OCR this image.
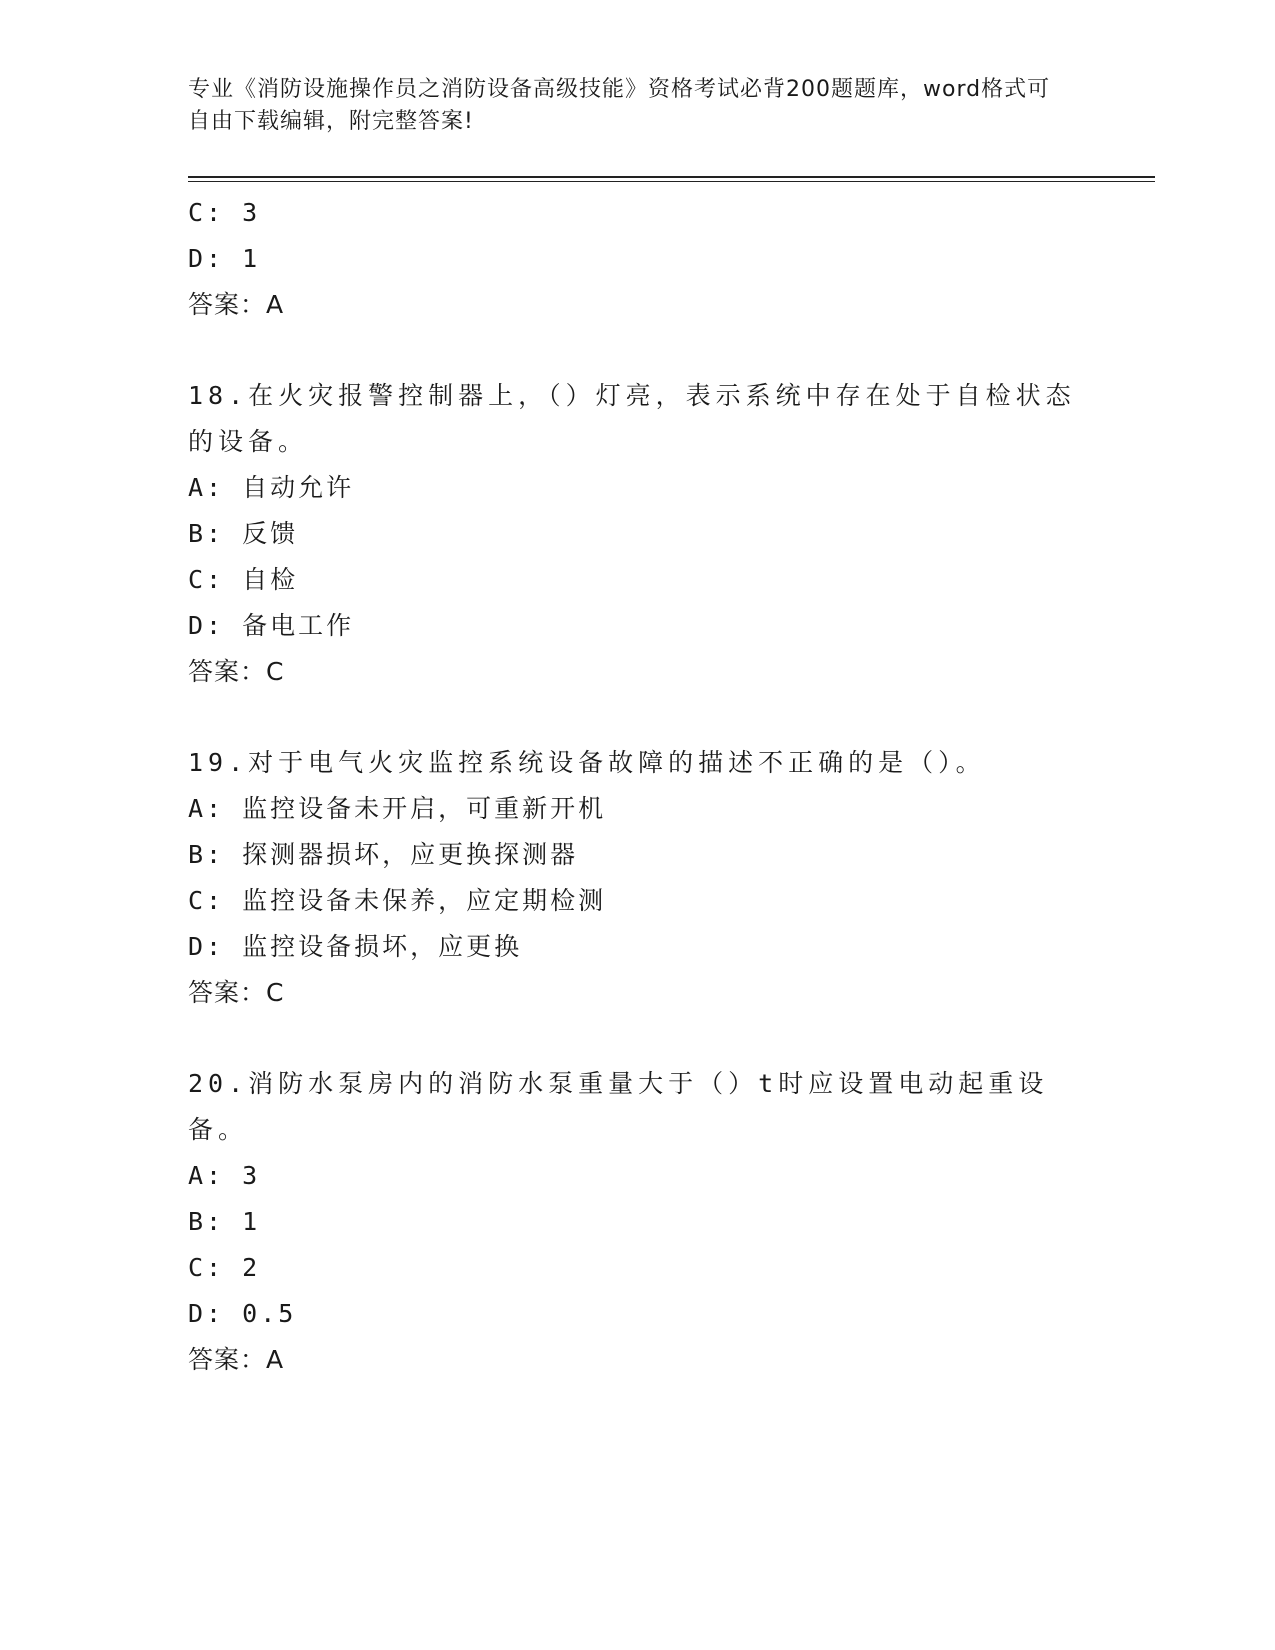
专业《消防设施操作员之消防设备高级技能》资格考试必背200题题库，word格式可自由下载编辑，附完整答案!
C: 3
D: 1
答案：A
18.在火灾报警控制器上，（）灯亮，表示系统中存在处于自检状态的设备。
A: 自动允许
B: 反馈
C: 自检
D: 备电工作
答案：C
19.对于电气火灾监控系统设备故障的描述不正确的是（）。
A: 监控设备未开启，可重新开机
B: 探测器损坏，应更换探测器
C: 监控设备未保养，应定期检测
D: 监控设备损坏，应更换
答案：C
20.消防水泵房内的消防水泵重量大于（）t时应设置电动起重设备。
A: 3
B: 1
C: 2
D: 0.5
答案：A
